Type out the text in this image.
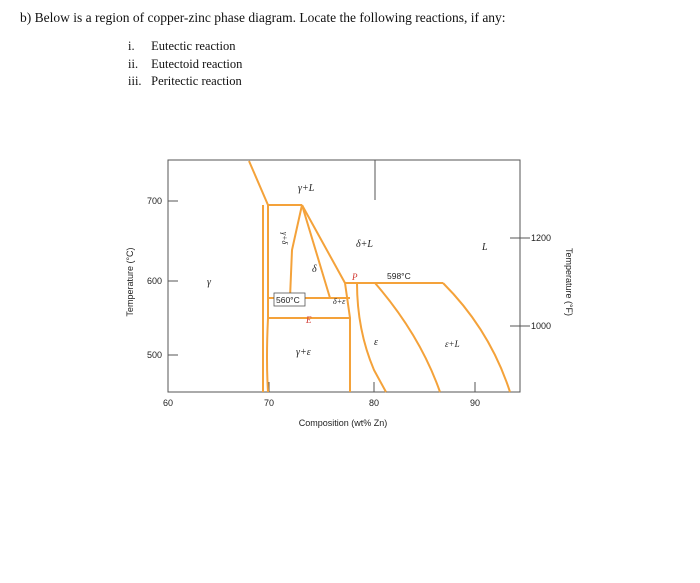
b) Below is a region of copper-zinc phase diagram. Locate the following reactions, if any:
i. Eutectic reaction
ii. Eutectoid reaction
iii. Peritectic reaction
700
600
500
1200
1000
60	70	80	90
Composition (wt% Zn)
Temperature (°C)	Temperature (°F)
γ+L
δ
δ+L	L
γ
δ+ε
γ+ε
ε	ε+L
γ+δ
P
E
598°C
560°C
